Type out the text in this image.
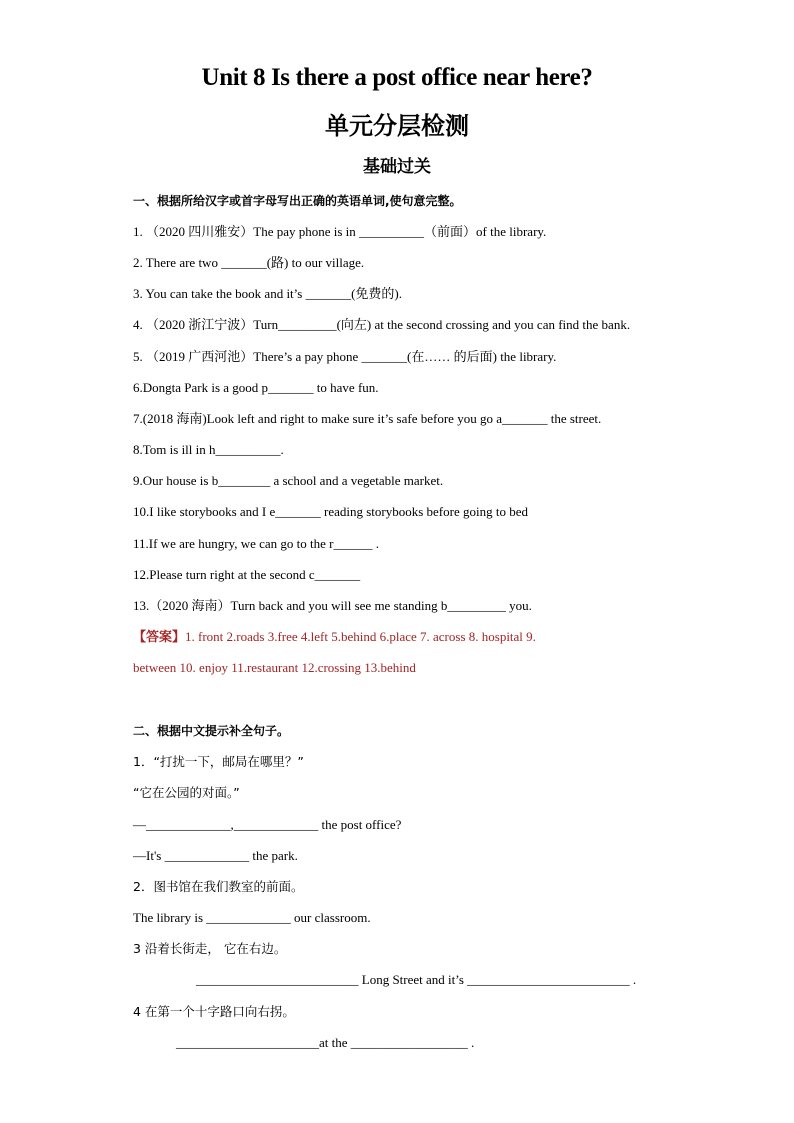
Unit 8 Is there a post office near here?
单元分层检测
基础过关
一、根据所给汉字或首字母写出正确的英语单词,使句意完整。
1. （2020 四川雅安）The pay phone is in __________（前面）of the library.
2. There are two _______(路) to our village.
3. You can take the book and it’s _______(免费的).
4. （2020 浙江宁波）Turn_________(向左) at the second crossing and you can find the bank.
5. （2019 广西河池）There’s a pay phone _______(在…… 的后面) the library.
6.Dongta Park is a good p_______ to have fun.
7.(2018 海南)Look left and right to make sure it’s safe before you go a_______ the street.
8.Tom is ill in h__________.
9.Our house is b________ a school and a vegetable market.
10.I like storybooks and I e_______ reading storybooks before going to bed
11.If we are hungry, we can go to the r______ .
12.Please turn right at the second c_______
13.（2020 海南）Turn back and you will see me standing b_________ you.
【答案】1. front 2.roads 3.free 4.left 5.behind 6.place 7. across 8. hospital 9.
between 10. enjoy 11.restaurant 12.crossing 13.behind
二、根据中文提示补全句子。
1．“打扰一下，邮局在哪里？”
“它在公园的对面。”
—_____________,_____________ the post office?
—It's _____________ the park.
2．图书馆在我们教室的前面。
The library is _____________ our classroom.
3 沿着长街走， 它在右边。
_________________________ Long Street and it’s _________________________ .
4 在第一个十字路口向右拐。
______________________at the __________________ .
